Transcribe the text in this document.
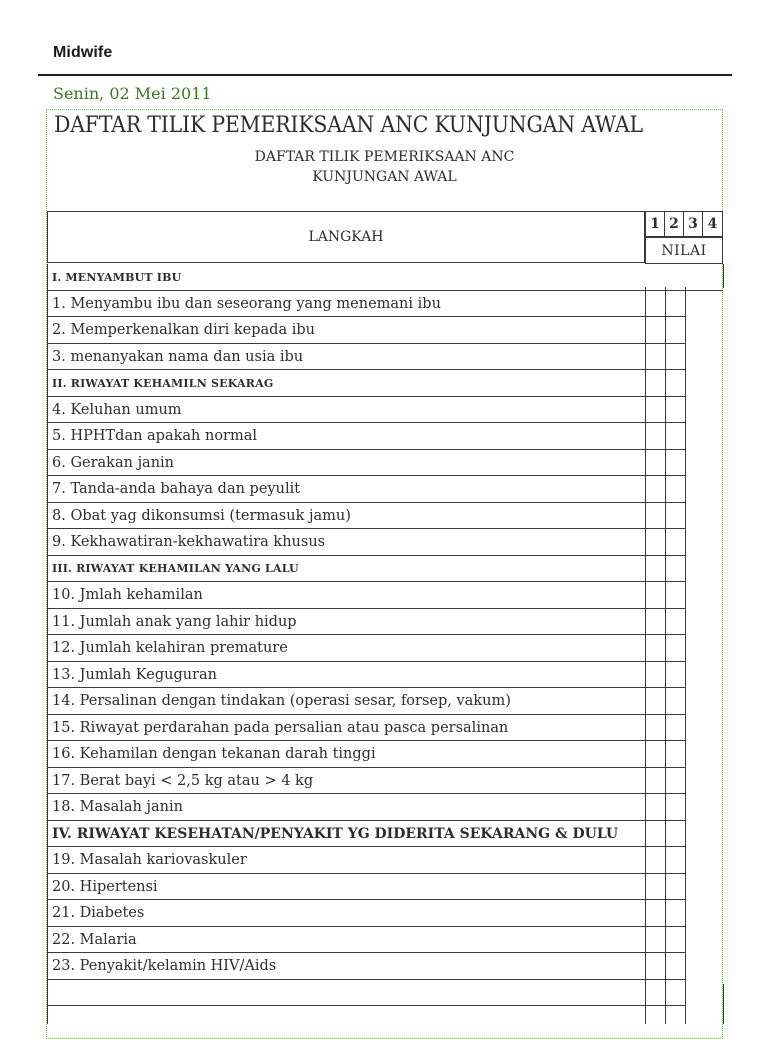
Midwife
Senin, 02 Mei 2011
DAFTAR TILIK PEMERIKSAAN ANC KUNJUNGAN AWAL
DAFTAR TILIK PEMERIKSAAN ANC
KUNJUNGAN AWAL
LANGKAH
1 2 3 4
NILAI
I. MENYAMBUT IBU
1. Menyambu ibu dan seseorang yang menemani ibu
2. Memperkenalkan diri kepada ibu
3. menanyakan nama dan usia ibu
II. RIWAYAT KEHAMILN SEKARAG
4. Keluhan umum
5. HPHTdan apakah normal
6. Gerakan janin
7. Tanda-anda bahaya dan peyulit
8. Obat yag dikonsumsi (termasuk jamu)
9. Kekhawatiran-kekhawatira khusus
III. RIWAYAT KEHAMILAN YANG LALU
10. Jmlah kehamilan
11. Jumlah anak yang lahir hidup
12. Jumlah kelahiran premature
13. Jumlah Keguguran
14. Persalinan dengan tindakan (operasi sesar, forsep, vakum)
15. Riwayat perdarahan pada persalian atau pasca persalinan
16. Kehamilan dengan tekanan darah tinggi
17. Berat bayi < 2,5 kg atau > 4 kg
18. Masalah janin
IV. RIWAYAT KESEHATAN/PENYAKIT YG DIDERITA SEKARANG & DULU
19. Masalah kariovaskuler
20. Hipertensi
21. Diabetes
22. Malaria
23. Penyakit/kelamin HIV/Aids
